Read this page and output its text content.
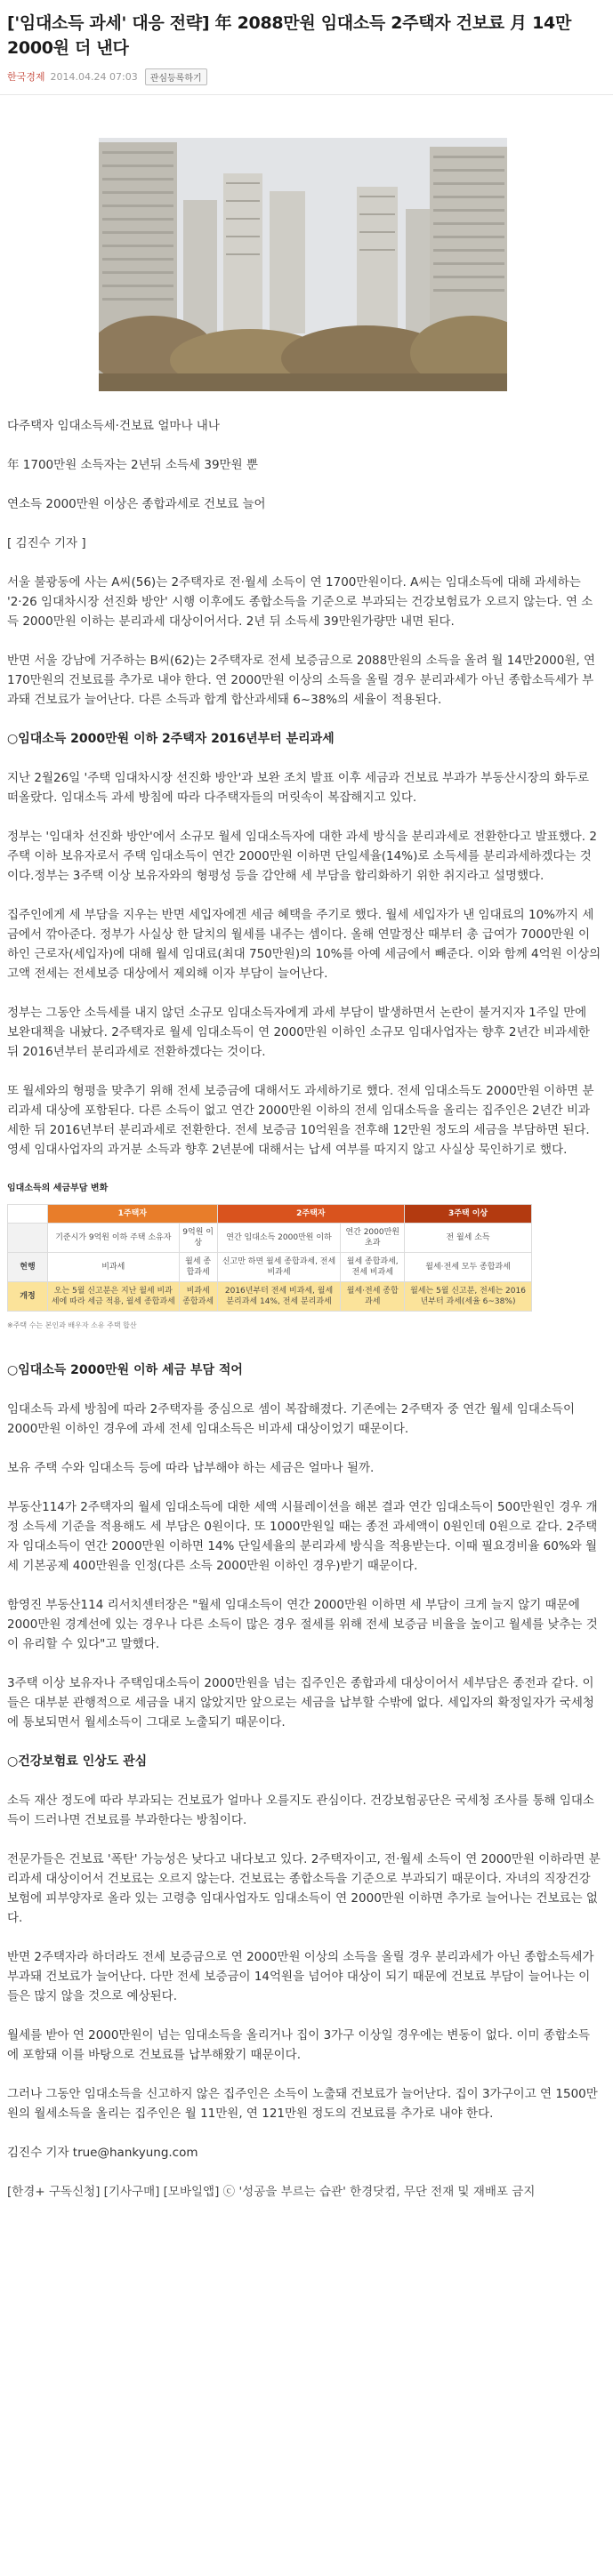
['임대소득 과세' 대응 전략] 年 2088만원 임대소득 2주택자 건보료 月 14만2000원 더 낸다
한국경제 2014.04.24 07:03	관심등록하기

다주택자 임대소득세·건보료 얼마나 내나

年 1700만원 소득자는 2년뒤 소득세 39만원 뿐

연소득 2000만원 이상은 종합과세로 건보료 늘어

[ 김진수 기자 ]

서울 불광동에 사는 A씨(56)는 2주택자로 전·월세 소득이 연 1700만원이다. A씨는 임대소득에 대해 과세하는 '2·26 임대차시장 선진화 방안' 시행 이후에도 종합소득을 기준으로 부과되는 건강보험료가 오르지 않는다. 연 소득 2000만원 이하는 분리과세 대상이어서다. 2년 뒤 소득세 39만원가량만 내면 된다.

반면 서울 강남에 거주하는 B씨(62)는 2주택자로 전세 보증금으로 2088만원의 소득을 올려 월 14만2000원, 연 170만원의 건보료를 추가로 내야 한다. 연 2000만원 이상의 소득을 올릴 경우 분리과세가 아닌 종합소득세가 부과돼 건보료가 늘어난다. 다른 소득과 합계 합산과세돼 6~38%의 세율이 적용된다.

○임대소득 2000만원 이하 2주택자 2016년부터 분리과세

지난 2월26일 '주택 임대차시장 선진화 방안'과 보완 조치 발표 이후 세금과 건보료 부과가 부동산시장의 화두로 떠올랐다. 임대소득 과세 방침에 따라 다주택자들의 머릿속이 복잡해지고 있다.

정부는 '임대차 선진화 방안'에서 소규모 월세 임대소득자에 대한 과세 방식을 분리과세로 전환한다고 발표했다. 2주택 이하 보유자로서 주택 임대소득이 연간 2000만원 이하면 단일세율(14%)로 소득세를 분리과세하겠다는 것이다.정부는 3주택 이상 보유자와의 형평성 등을 감안해 세 부담을 합리화하기 위한 취지라고 설명했다.

집주인에게 세 부담을 지우는 반면 세입자에겐 세금 혜택을 주기로 했다. 월세 세입자가 낸 임대료의 10%까지 세금에서 깎아준다. 정부가 사실상 한 달치의 월세를 내주는 셈이다. 올해 연말정산 때부터 총 급여가 7000만원 이하인 근로자(세입자)에 대해 월세 임대료(최대 750만원)의 10%를 아예 세금에서 빼준다. 이와 함께 4억원 이상의 고액 전세는 전세보증 대상에서 제외해 이자 부담이 늘어난다.

정부는 그동안 소득세를 내지 않던 소규모 임대소득자에게 과세 부담이 발생하면서 논란이 불거지자 1주일 만에 보완대책을 내놨다. 2주택자로 월세 임대소득이 연 2000만원 이하인 소규모 임대사업자는 향후 2년간 비과세한 뒤 2016년부터 분리과세로 전환하겠다는 것이다.

또 월세와의 형평을 맞추기 위해 전세 보증금에 대해서도 과세하기로 했다. 전세 임대소득도 2000만원 이하면 분리과세 대상에 포함된다. 다른 소득이 없고 연간 2000만원 이하의 전세 임대소득을 올리는 집주인은 2년간 비과세한 뒤 2016년부터 분리과세로 전환한다. 전세 보증금 10억원을 전후해 12만원 정도의 세금을 부담하면 된다. 영세 임대사업자의 과거분 소득과 향후 2년분에 대해서는 납세 여부를 따지지 않고 사실상 묵인하기로 했다.

임대소득의 세금부담 변화
	1주택자		2주택자		3주택 이상
	기준시가 9억원 이하 주택 소유자	9억원 이상	연간 임대소득 2000만원 이하	연간 2000만원 초과	전 월세 소득
현행	비과세	월세 종합과세	신고만 하면 월세 종합과세, 전세 비과세	월세 종합과세, 전세 비과세	월세·전세 모두 종합과세
개정	오는 5월 신고분은 지난 월세 비과세에 따라 세금 적용, 월세 종합과세	비과세 종합과세	2016년부터 전세 비과세, 월세 분리과세 14%, 전세 분리과세	월세·전세 종합과세	월세는 5월 신고분, 전세는 2016년부터 과세(세율 6~38%)
※주택 수는 본인과 배우자 소유 주택 합산
○임대소득 2000만원 이하 세금 부담 적어

임대소득 과세 방침에 따라 2주택자를 중심으로 셈이 복잡해졌다. 기존에는 2주택자 중 연간 월세 임대소득이 2000만원 이하인 경우에 과세 전세 임대소득은 비과세 대상이었기 때문이다.

보유 주택 수와 임대소득 등에 따라 납부해야 하는 세금은 얼마나 될까.

부동산114가 2주택자의 월세 임대소득에 대한 세액 시뮬레이션을 해본 결과 연간 임대소득이 500만원인 경우 개정 소득세 기준을 적용해도 세 부담은 0원이다. 또 1000만원일 때는 종전 과세액이 0원인데 0원으로 같다. 2주택자 임대소득이 연간 2000만원 이하면 14% 단일세율의 분리과세 방식을 적용받는다. 이때 필요경비율 60%와 월세 기본공제 400만원을 인정(다른 소득 2000만원 이하인 경우)받기 때문이다.

함영진 부동산114 리서치센터장은 "월세 임대소득이 연간 2000만원 이하면 세 부담이 크게 늘지 않기 때문에 2000만원 경계선에 있는 경우나 다른 소득이 많은 경우 절세를 위해 전세 보증금 비율을 높이고 월세를 낮추는 것이 유리할 수 있다"고 말했다.

3주택 이상 보유자나 주택임대소득이 2000만원을 넘는 집주인은 종합과세 대상이어서 세부담은 종전과 같다. 이들은 대부분 관행적으로 세금을 내지 않았지만 앞으로는 세금을 납부할 수밖에 없다. 세입자의 확정일자가 국세청에 통보되면서 월세소득이 그대로 노출되기 때문이다.

○건강보험료 인상도 관심

소득 재산 정도에 따라 부과되는 건보료가 얼마나 오를지도 관심이다. 건강보험공단은 국세청 조사를 통해 임대소득이 드러나면 건보료를 부과한다는 방침이다.

전문가들은 건보료 '폭탄' 가능성은 낮다고 내다보고 있다. 2주택자이고, 전·월세 소득이 연 2000만원 이하라면 분리과세 대상이어서 건보료는 오르지 않는다. 건보료는 종합소득을 기준으로 부과되기 때문이다. 자녀의 직장건강보험에 피부양자로 올라 있는 고령층 임대사업자도 임대소득이 연 2000만원 이하면 추가로 늘어나는 건보료는 없다.

반면 2주택자라 하더라도 전세 보증금으로 연 2000만원 이상의 소득을 올릴 경우 분리과세가 아닌 종합소득세가 부과돼 건보료가 늘어난다. 다만 전세 보증금이 14억원을 넘어야 대상이 되기 때문에 건보료 부담이 늘어나는 이들은 많지 않을 것으로 예상된다.

월세를 받아 연 2000만원이 넘는 임대소득을 올리거나 집이 3가구 이상일 경우에는 변동이 없다. 이미 종합소득에 포함돼 이를 바탕으로 건보료를 납부해왔기 때문이다.

그러나 그동안 임대소득을 신고하지 않은 집주인은 소득이 노출돼 건보료가 늘어난다. 집이 3가구이고 연 1500만원의 월세소득을 올리는 집주인은 월 11만원, 연 121만원 정도의 건보료를 추가로 내야 한다.

김진수 기자 true@hankyung.com

[한경+ 구독신청] [기사구매] [모바일앱] ⓒ '성공을 부르는 습관' 한경닷컴, 무단 전재 및 재배포 금지
